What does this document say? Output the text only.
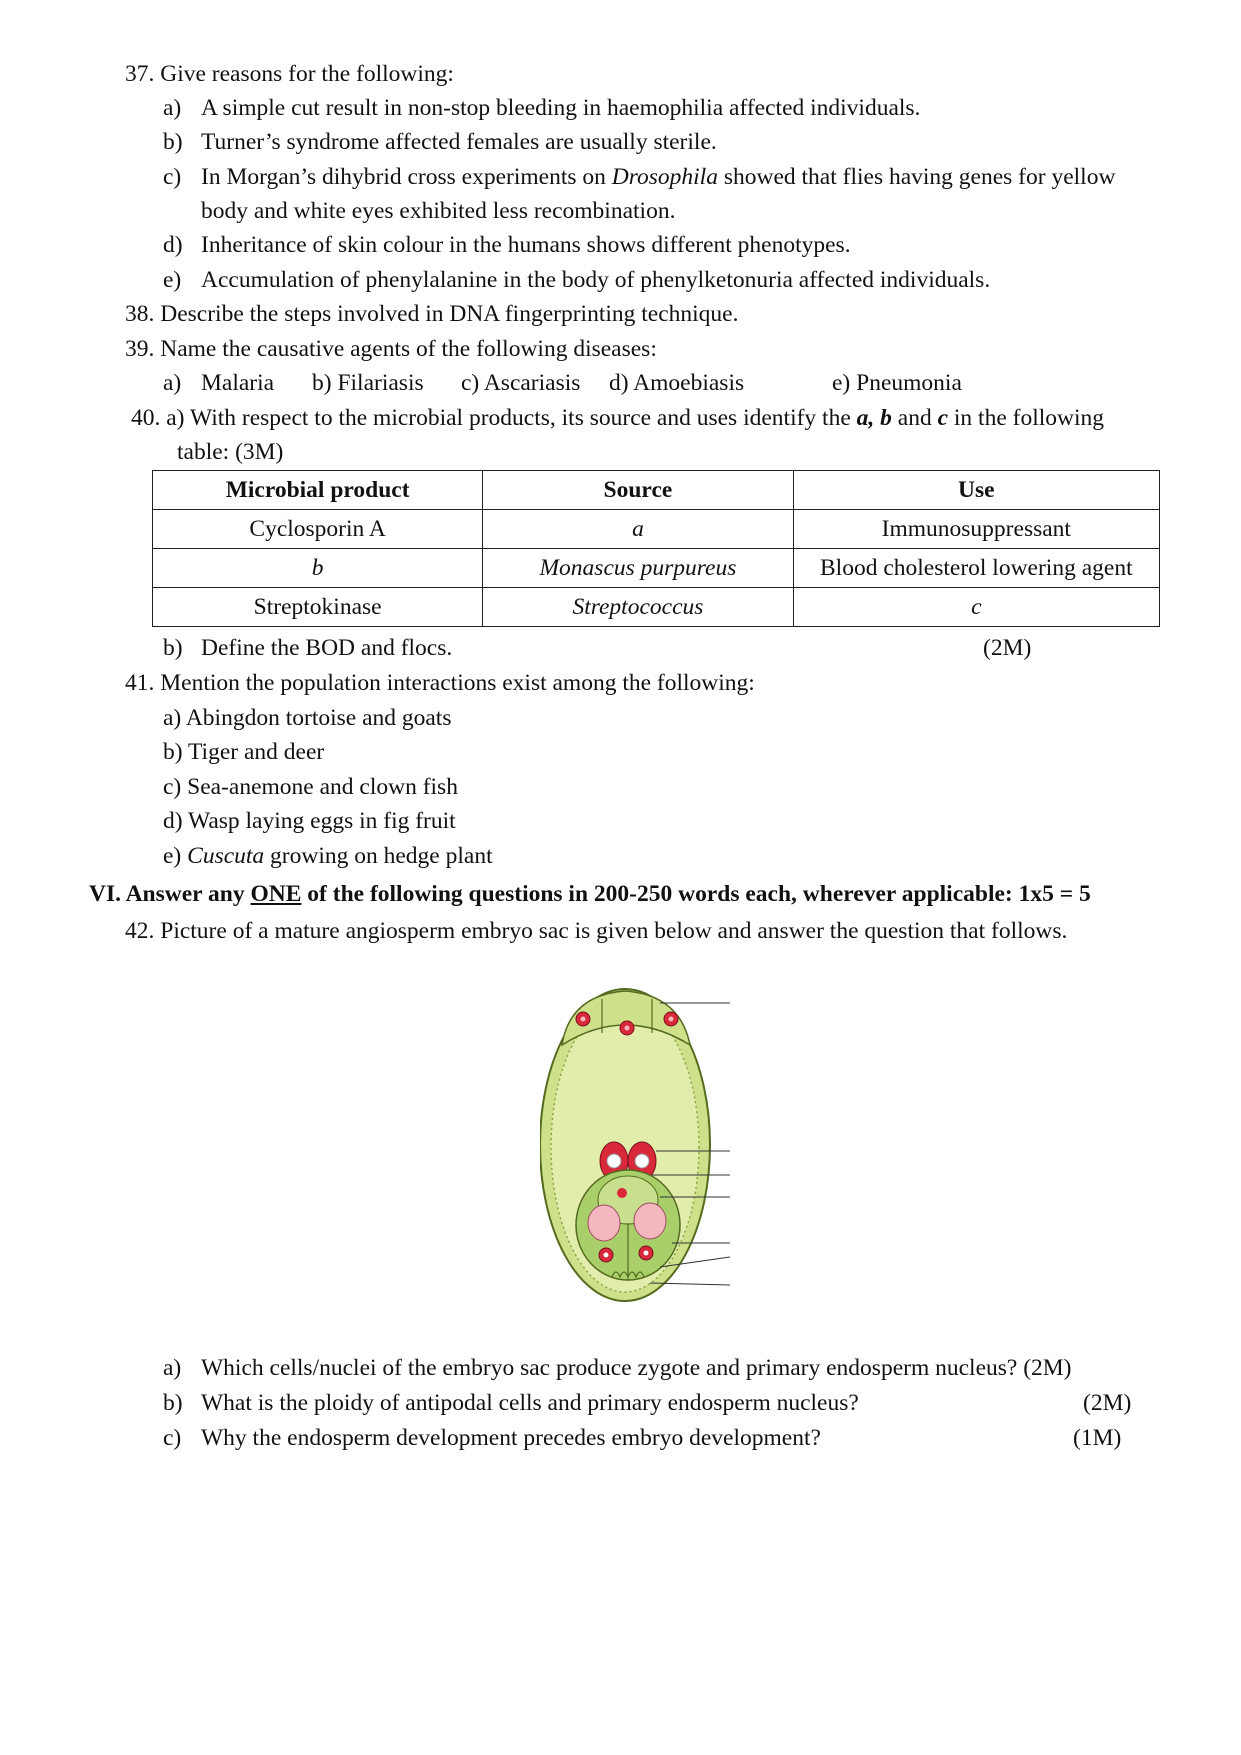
37. Give reasons for the following:
a) A simple cut result in non-stop bleeding in haemophilia affected individuals.
b) Turner’s syndrome affected females are usually sterile.
c) In Morgan’s dihybrid cross experiments on Drosophila showed that flies having genes for yellow
body and white eyes exhibited less recombination.
d) Inheritance of skin colour in the humans shows different phenotypes.
e) Accumulation of phenylalanine in the body of phenylketonuria affected individuals.
38. Describe the steps involved in DNA fingerprinting technique.
39. Name the causative agents of the following diseases:
a) Malaria b) Filariasis c) Ascariasis d) Amoebiasis	e) Pneumonia
40. a) With respect to the microbial products, its source and uses identify the a, b and c in the following
table: (3M)
Microbial product	Source	Use
Cyclosporin A	a	Immunosuppressant
b	Monascus purpureus	Blood cholesterol lowering agent
Streptokinase	Streptococcus	c
b) Define the BOD and flocs.	(2M)
41. Mention the population interactions exist among the following:
a) Abingdon tortoise and goats
b) Tiger and deer
c) Sea-anemone and clown fish
d) Wasp laying eggs in fig fruit
e) Cuscuta growing on hedge plant
VI. Answer any ONE of the following questions in 200-250 words each, wherever applicable: 1x5 = 5
42. Picture of a mature angiosperm embryo sac is given below and answer the question that follows.
a) Which cells/nuclei of the embryo sac produce zygote and primary endosperm nucleus? (2M)
b) What is the ploidy of antipodal cells and primary endosperm nucleus?	(2M)
c) Why the endosperm development precedes embryo development?	(1M)
